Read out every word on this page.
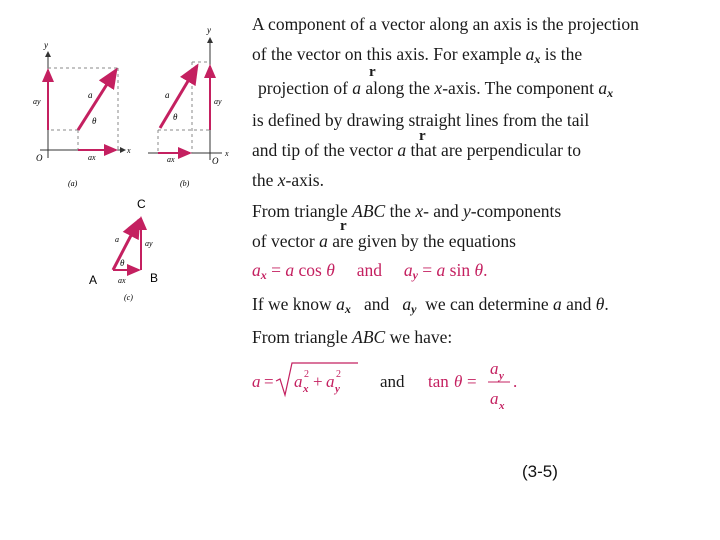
y
x
O
ay
a
θ
ax
(a)
y
x
O
ay
a
θ
ax
(b)
C
A	B
a	ay
θ
ax
(c)
A component of a vector along an axis is the projection
of the vector on this axis. For example $a_x$ is the
r
projection of a along the x-axis. The component $a_x$
is defined by drawing straight lines from the tail
r
and tip of the vector a that are perpendicular to
the x-axis.
From triangle ABC the x- and y-components
r
of vector a are given by the equations
$a_x = a$ cos θ and $a_y = a$ sin θ.
If we know $a_x$ and $a_y$ we can determine a and θ.
From triangle ABC we have:
a = a x
2 + a y
2 and tan θ =
a y
a x
.
(3-5)
